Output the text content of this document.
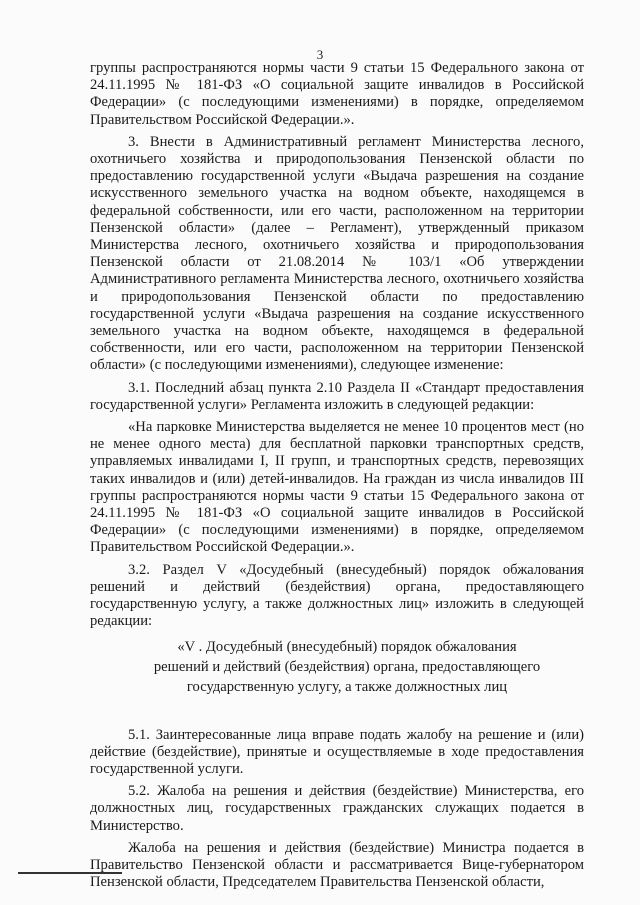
3

группы распространяются нормы части 9 статьи 15 Федерального закона от 24.11.1995 № 181-ФЗ «О социальной защите инвалидов в Российской Федерации» (с последующими изменениями) в порядке, определяемом Правительством Российской Федерации.».

3. Внести в Административный регламент Министерства лесного, охотничьего хозяйства и природопользования Пензенской области по предоставлению государственной услуги «Выдача разрешения на создание искусственного земельного участка на водном объекте, находящемся в федеральной собственности, или его части, расположенном на территории Пензенской области» (далее – Регламент), утвержденный приказом Министерства лесного, охотничьего хозяйства и природопользования Пензенской области от 21.08.2014 № 103/1 «Об утверждении Административного регламента Министерства лесного, охотничьего хозяйства и природопользования Пензенской области по предоставлению государственной услуги «Выдача разрешения на создание искусственного земельного участка на водном объекте, находящемся в федеральной собственности, или его части, расположенном на территории Пензенской области» (с последующими изменениями), следующее изменение:

3.1. Последний абзац пункта 2.10 Раздела II «Стандарт предоставления государственной услуги» Регламента изложить в следующей редакции:

«На парковке Министерства выделяется не менее 10 процентов мест (но не менее одного места) для бесплатной парковки транспортных средств, управляемых инвалидами I, II групп, и транспортных средств, перевозящих таких инвалидов и (или) детей-инвалидов. На граждан из числа инвалидов III группы распространяются нормы части 9 статьи 15 Федерального закона от 24.11.1995 № 181-ФЗ «О социальной защите инвалидов в Российской Федерации» (с последующими изменениями) в порядке, определяемом Правительством Российской Федерации.».

3.2. Раздел V «Досудебный (внесудебный) порядок обжалования решений и действий (бездействия) органа, предоставляющего государственную услугу, а также должностных лиц» изложить в следующей редакции:

«V . Досудебный (внесудебный) порядок обжалования
решений и действий (бездействия) органа, предоставляющего
государственную услугу, а также должностных лиц

5.1. Заинтересованные лица вправе подать жалобу на решение и (или) действие (бездействие), принятые и осуществляемые в ходе предоставления государственной услуги.

5.2. Жалоба на решения и действия (бездействие) Министерства, его должностных лиц, государственных гражданских служащих подается в Министерство.

Жалоба на решения и действия (бездействие) Министра подается в Правительство Пензенской области и рассматривается Вице-губернатором Пензенской области, Председателем Правительства Пензенской области,
